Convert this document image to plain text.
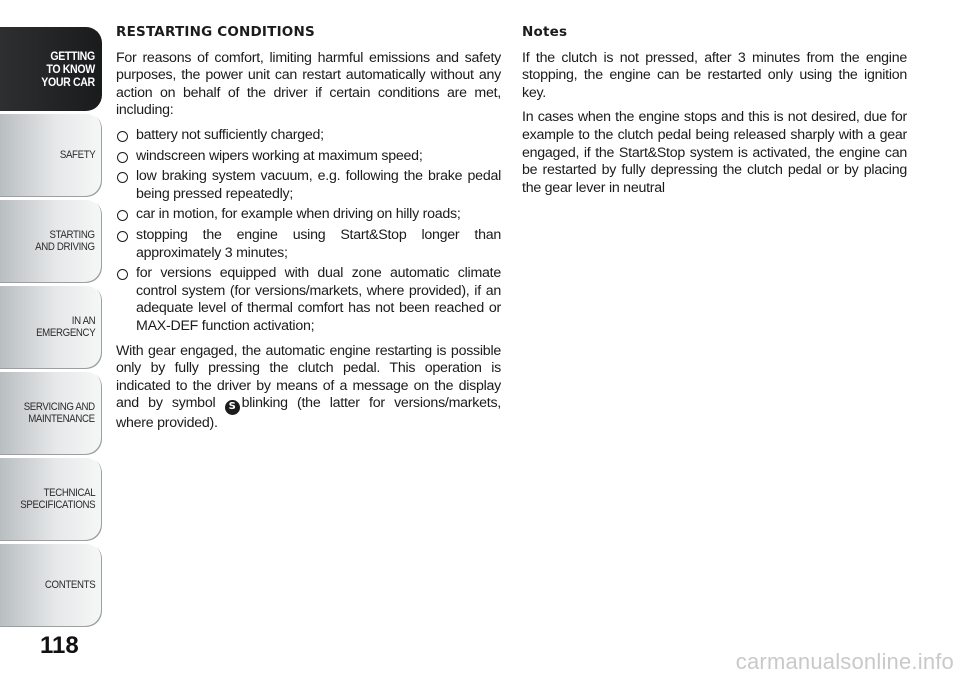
GETTING
TO KNOW
YOUR CAR
SAFETY
STARTING
AND DRIVING
IN AN
EMERGENCY
SERVICING AND
MAINTENANCE
TECHNICAL
SPECIFICATIONS
CONTENTS
118
RESTARTING CONDITIONS

For reasons of comfort, limiting harmful emissions and safety purposes, the power unit can restart automatically without any action on behalf of the driver if certain conditions are met, including:

battery not sufficiently charged;
windscreen wipers working at maximum speed;
low braking system vacuum, e.g. following the brake pedal being pressed repeatedly;
car in motion, for example when driving on hilly roads;
stopping the engine using Start&Stop longer than approximately 3 minutes;
for versions equipped with dual zone automatic climate control system (for versions/markets, where provided), if an adequate level of thermal comfort has not been reached or MAX-DEF function activation;

With gear engaged, the automatic engine restarting is possible only by fully pressing the clutch pedal. This operation is indicated to the driver by means of a message on the display and by symbol S blinking (the latter for versions/markets, where provided).

Notes

If the clutch is not pressed, after 3 minutes from the engine stopping, the engine can be restarted only using the ignition key.

In cases when the engine stops and this is not desired, due for example to the clutch pedal being released sharply with a gear engaged, if the Start&Stop system is activated, the engine can be restarted by fully depressing the clutch pedal or by placing the gear lever in neutral

carmanualsonline.info
